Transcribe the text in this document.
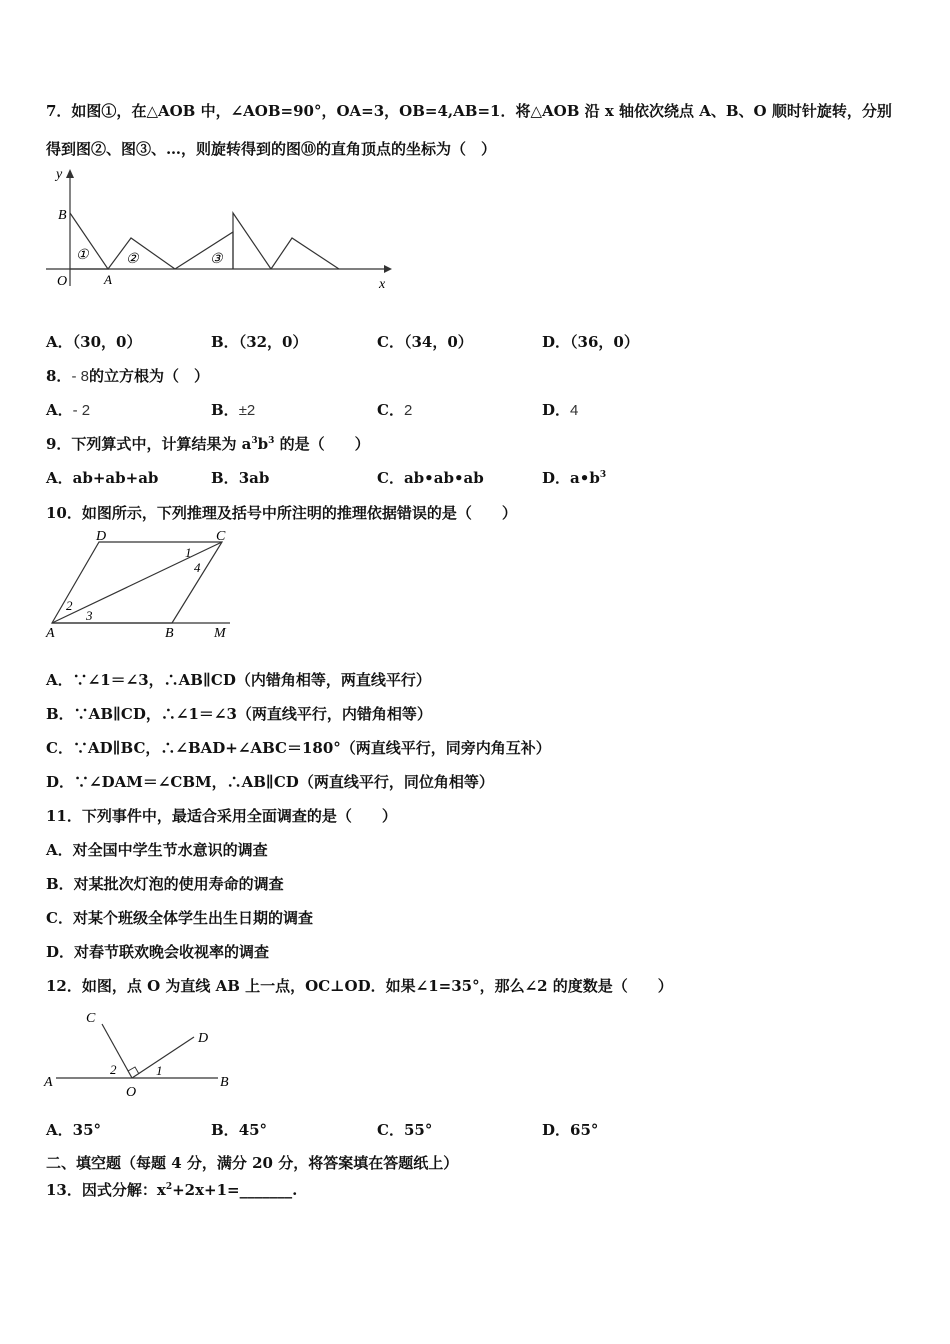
7．如图①，在△AOB 中，∠AOB=90°，OA=3，OB=4,AB=1．将△AOB 沿 x 轴依次绕点 A、B、O 顺时针旋转，分别
得到图②、图③、…，则旋转得到的图⑩的直角顶点的坐标为（　）
y
x
B
O	A
①	②	③
A．（30，0）	B．（32，0）	C．（34，0）	D．（36，0）
8．- 8的立方根为（　）
A．- 2	B．±2	C．2	D．4
9．下列算式中，计算结果为 $a^3b^3$ 的是（　　）
A．ab+ab+ab	B．3ab	C．ab•ab•ab	D．$a•b^3$
10．如图所示，下列推理及括号中所注明的推理依据错误的是（　　）
D	C
A	B	M
1
2
3
4
A．∵∠1＝∠3，∴AB∥CD（内错角相等，两直线平行）
B．∵AB∥CD，∴∠1＝∠3（两直线平行，内错角相等）
C．∵AD∥BC，∴∠BAD+∠ABC＝180°（两直线平行，同旁内角互补）
D．∵∠DAM＝∠CBM，∴AB∥CD（两直线平行，同位角相等）
11．下列事件中，最适合采用全面调查的是（　　）
A．对全国中学生节水意识的调查
B．对某批次灯泡的使用寿命的调查
C．对某个班级全体学生出生日期的调查
D．对春节联欢晚会收视率的调查
12．如图，点 O 为直线 AB 上一点，OC⊥OD．如果∠1=35°，那么∠2 的度数是（　　）
C
D
A	B
O
1
2
A．35°	B．45°	C．55°	D．65°
二、填空题（每题 4 分，满分 20 分，将答案填在答题纸上）
13．因式分解：$x^2+2x+1=\_\_\_\_\_\_\_$.
